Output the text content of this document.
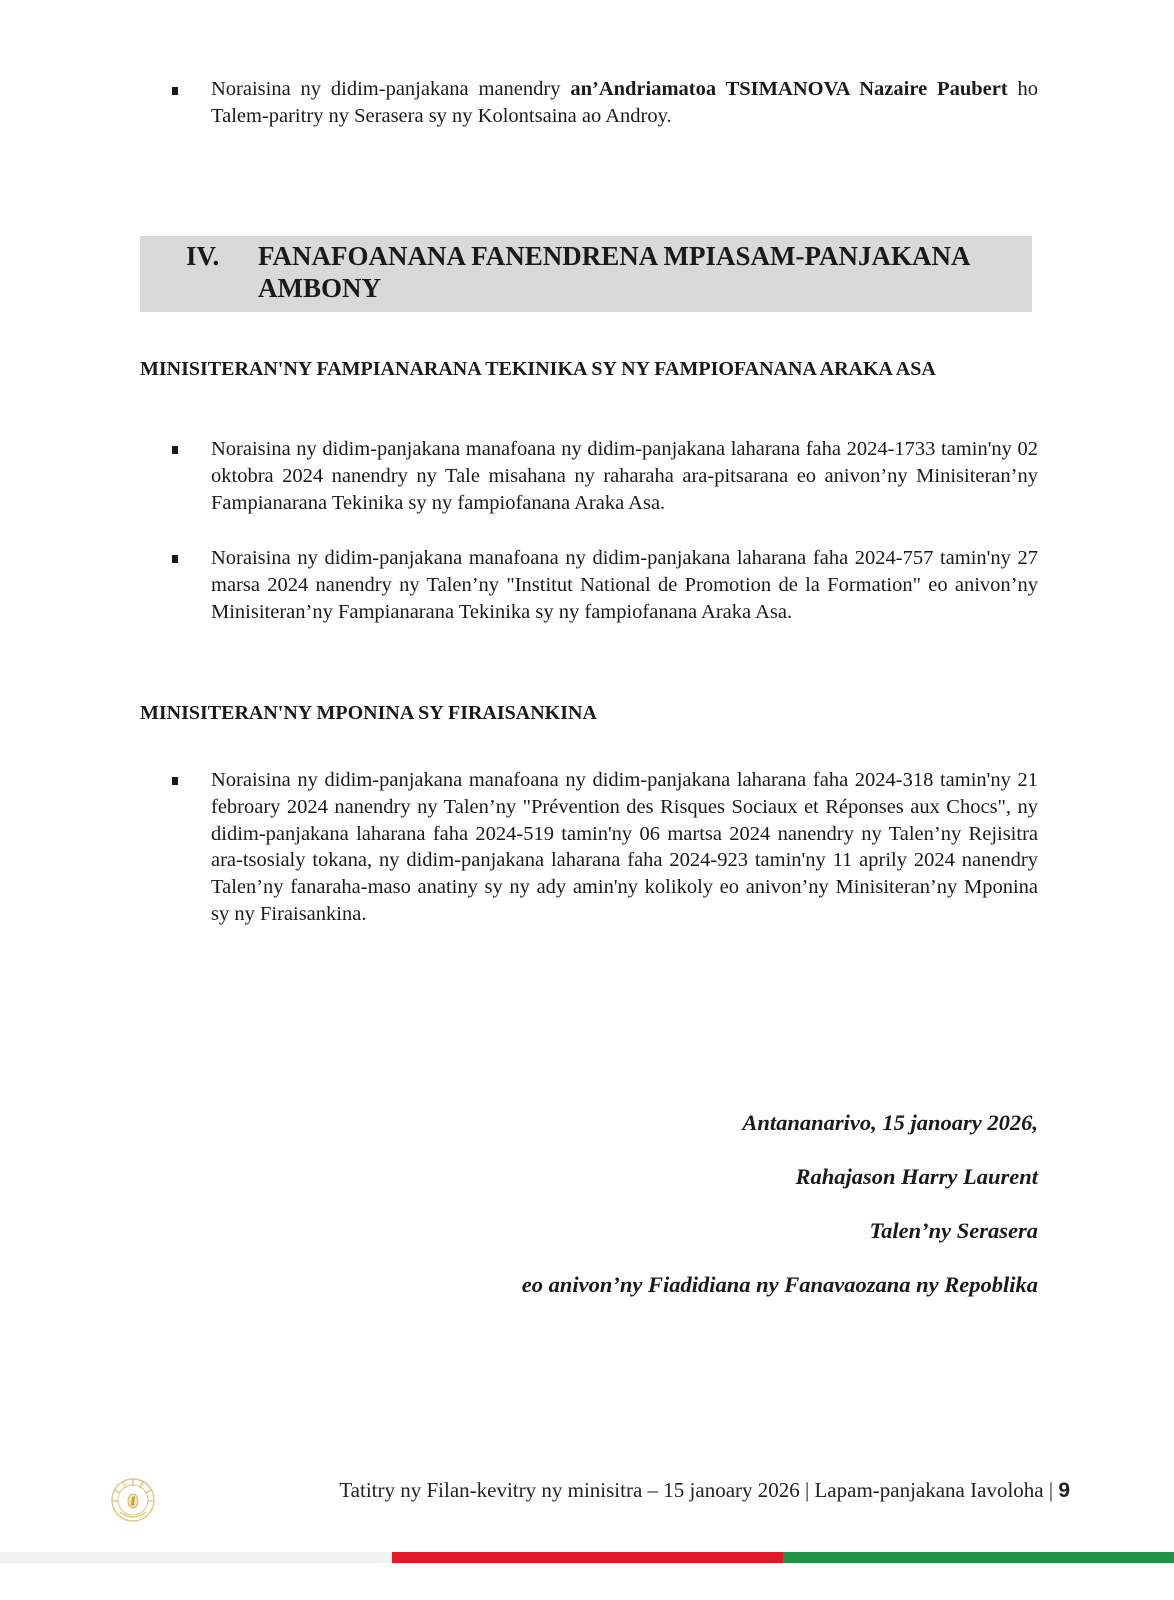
Noraisina ny didim-panjakana manendry an’Andriamatoa TSIMANOVA Nazaire Paubert ho Talem-paritry ny Serasera sy ny Kolontsaina ao Androy.
IV. FANAFOANANA FANENDRENA MPIASAM-PANJAKANA AMBONY
MINISITERAN'NY FAMPIANARANA TEKINIKA SY NY FAMPIOFANANA ARAKA ASA
Noraisina ny didim-panjakana manafoana ny didim-panjakana laharana faha 2024-1733 tamin'ny 02 oktobra 2024 nanendry ny Tale misahana ny raharaha ara-pitsarana eo anivon’ny Minisiteran’ny Fampianarana Tekinika sy ny fampiofanana Araka Asa.
Noraisina ny didim-panjakana manafoana ny didim-panjakana laharana faha 2024-757 tamin'ny 27 marsa 2024 nanendry ny Talen’ny "Institut National de Promotion de la Formation" eo anivon’ny Minisiteran’ny Fampianarana Tekinika sy ny fampiofanana Araka Asa.
MINISITERAN'NY MPONINA SY FIRAISANKINA
Noraisina ny didim-panjakana manafoana ny didim-panjakana laharana faha 2024-318 tamin'ny 21 febroary 2024 nanendry ny Talen’ny "Prévention des Risques Sociaux et Réponses aux Chocs", ny didim-panjakana laharana faha 2024-519 tamin'ny 06 martsa 2024 nanendry ny Talen’ny Rejisitra ara-tsosialy tokana, ny didim-panjakana laharana faha 2024-923 tamin'ny 11 aprily 2024 nanendry Talen’ny fanaraha-maso anatiny sy ny ady amin'ny kolikoly eo anivon’ny Minisiteran’ny Mponina sy ny Firaisankina.
Antananarivo, 15 janoary 2026,
Rahajason Harry Laurent
Talen’ny Serasera
eo anivon’ny Fiadidiana ny Fanavaozana ny Repoblika
Tatitry ny Filan-kevitry ny minisitra – 15 janoary 2026 | Lapam-panjakana Iavoloha | 9
